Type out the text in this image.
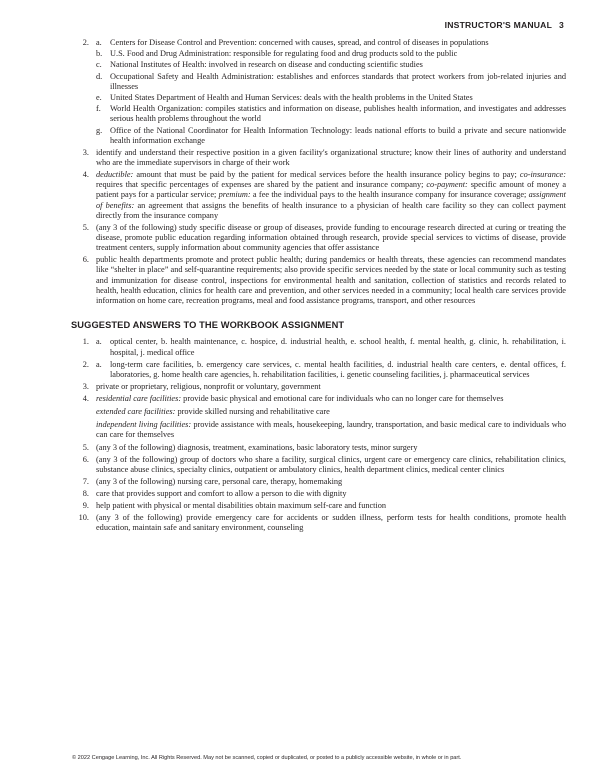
INSTRUCTOR'S MANUAL 3
2. a. Centers for Disease Control and Prevention: concerned with causes, spread, and control of diseases in populations
b. U.S. Food and Drug Administration: responsible for regulating food and drug products sold to the public
c. National Institutes of Health: involved in research on disease and conducting scientific studies
d. Occupational Safety and Health Administration: establishes and enforces standards that protect workers from job-related injuries and illnesses
e. United States Department of Health and Human Services: deals with the health problems in the United States
f. World Health Organization: compiles statistics and information on disease, publishes health information, and investigates and addresses serious health problems throughout the world
g. Office of the National Coordinator for Health Information Technology: leads national efforts to build a private and secure nationwide health information exchange
3. identify and understand their respective position in a given facility's organizational structure; know their lines of authority and understand who are the immediate supervisors in charge of their work
4. deductible: amount that must be paid by the patient for medical services before the health insurance policy begins to pay; co-insurance: requires that specific percentages of expenses are shared by the patient and insurance company; co-payment: specific amount of money a patient pays for a particular service; premium: a fee the individual pays to the health insurance company for insurance coverage; assignment of benefits: an agreement that assigns the benefits of health insurance to a physician of health care facility so they can collect payment directly from the insurance company
5. (any 3 of the following) study specific disease or group of diseases, provide funding to encourage research directed at curing or treating the disease, promote public education regarding information obtained through research, provide special services to victims of disease, provide treatment centers, supply information about community agencies that offer assistance
6. public health departments promote and protect public health; during pandemics or health threats, these agencies can recommend mandates like “shelter in place” and self-quarantine requirements; also provide specific services needed by the state or local community such as testing and immunization for disease control, inspections for environmental health and sanitation, collection of statistics and records related to health, health education, clinics for health care and prevention, and other services needed in a community; local health care services provide information on home care, recreation programs, meal and food assistance programs, transport, and other resources
SUGGESTED ANSWERS TO THE WORKBOOK ASSIGNMENT
1. a. optical center, b. health maintenance, c. hospice, d. industrial health, e. school health, f. mental health, g. clinic, h. rehabilitation, i. hospital, j. medical office
2. a. long-term care facilities, b. emergency care services, c. mental health facilities, d. industrial health care centers, e. dental offices, f. laboratories, g. home health care agencies, h. rehabilitation facilities, i. genetic counseling facilities, j. pharmaceutical services
3. private or proprietary, religious, nonprofit or voluntary, government
4. residential care facilities: provide basic physical and emotional care for individuals who can no longer care for themselves
extended care facilities: provide skilled nursing and rehabilitative care
independent living facilities: provide assistance with meals, housekeeping, laundry, transportation, and basic medical care to individuals who can care for themselves
5. (any 3 of the following) diagnosis, treatment, examinations, basic laboratory tests, minor surgery
6. (any 3 of the following) group of doctors who share a facility, surgical clinics, urgent care or emergency care clinics, rehabilitation clinics, substance abuse clinics, specialty clinics, outpatient or ambulatory clinics, health department clinics, medical center clinics
7. (any 3 of the following) nursing care, personal care, therapy, homemaking
8. care that provides support and comfort to allow a person to die with dignity
9. help patient with physical or mental disabilities obtain maximum self-care and function
10. (any 3 of the following) provide emergency care for accidents or sudden illness, perform tests for health conditions, promote health education, maintain safe and sanitary environment, counseling
© 2022 Cengage Learning, Inc. All Rights Reserved. May not be scanned, copied or duplicated, or posted to a publicly accessible website, in whole or in part.
